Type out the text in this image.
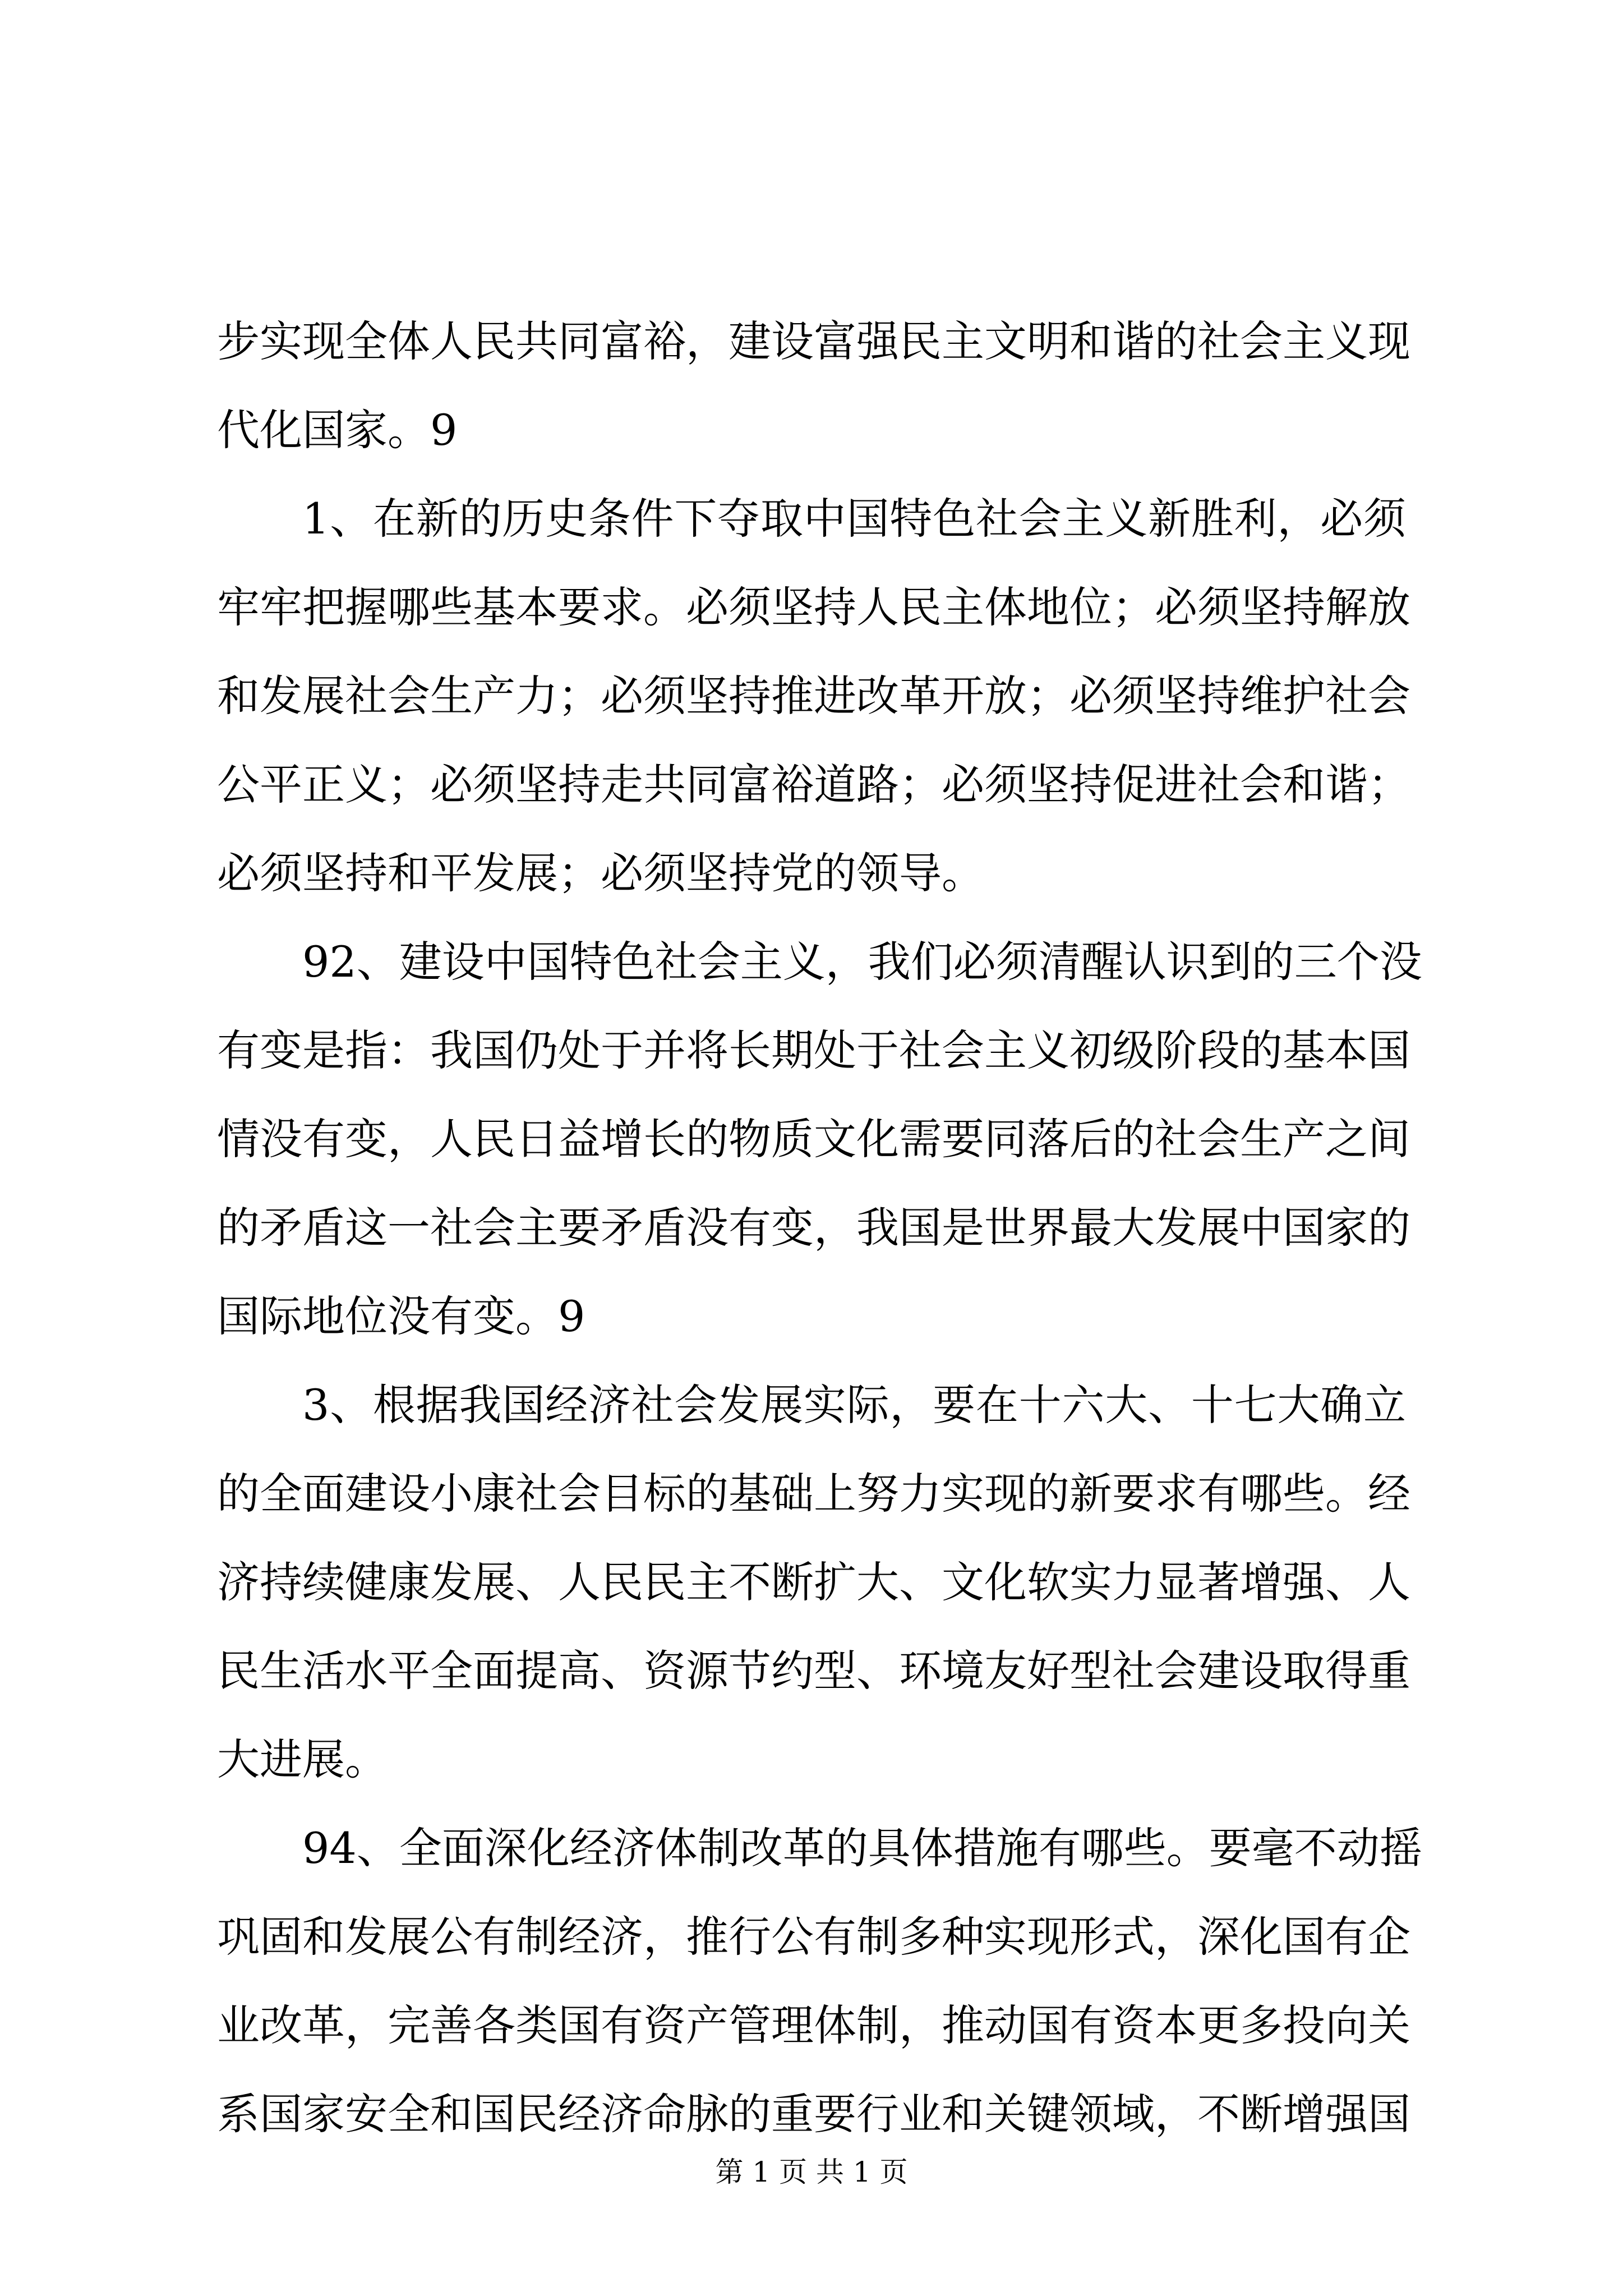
步实现全体人民共同富裕，建设富强民主文明和谐的社会主义现
代化国家。9
1、在新的历史条件下夺取中国特色社会主义新胜利，必须
牢牢把握哪些基本要求。必须坚持人民主体地位；必须坚持解放
和发展社会生产力；必须坚持推进改革开放；必须坚持维护社会
公平正义；必须坚持走共同富裕道路；必须坚持促进社会和谐；
必须坚持和平发展；必须坚持党的领导。
92、建设中国特色社会主义，我们必须清醒认识到的三个没
有变是指：我国仍处于并将长期处于社会主义初级阶段的基本国
情没有变，人民日益增长的物质文化需要同落后的社会生产之间
的矛盾这一社会主要矛盾没有变，我国是世界最大发展中国家的
国际地位没有变。9
3、根据我国经济社会发展实际，要在十六大、十七大确立
的全面建设小康社会目标的基础上努力实现的新要求有哪些。经
济持续健康发展、人民民主不断扩大、文化软实力显著增强、人
民生活水平全面提高、资源节约型、环境友好型社会建设取得重
大进展。
94、全面深化经济体制改革的具体措施有哪些。要毫不动摇
巩固和发展公有制经济，推行公有制多种实现形式，深化国有企
业改革，完善各类国有资产管理体制，推动国有资本更多投向关
系国家安全和国民经济命脉的重要行业和关键领域，不断增强国
第 1 页 共 1 页
